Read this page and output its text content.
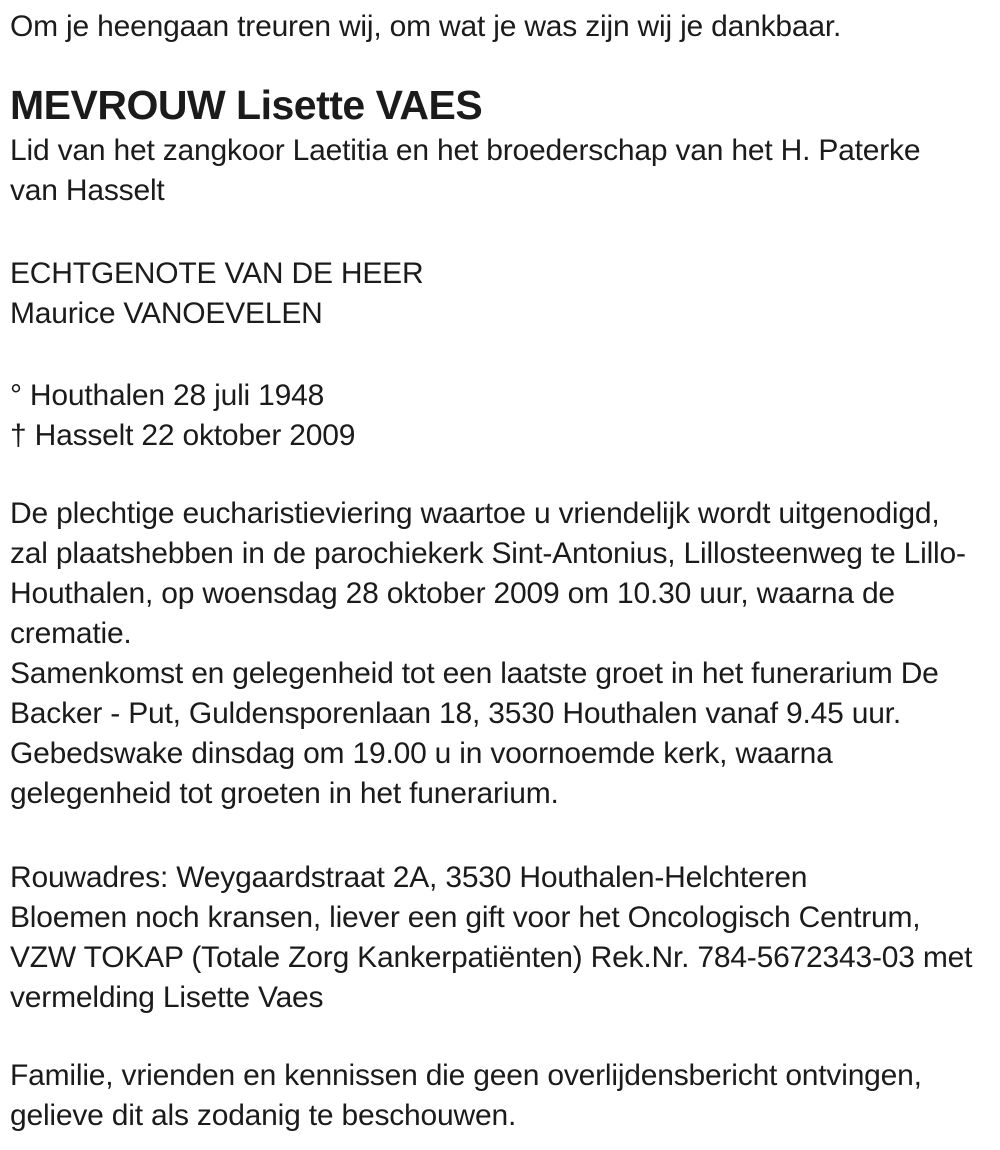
Om je heengaan treuren wij, om wat je was zijn wij je dankbaar.
MEVROUW Lisette VAES
Lid van het zangkoor Laetitia en het broederschap van het H. Paterke
van Hasselt
ECHTGENOTE VAN DE HEER
Maurice VANOEVELEN
° Houthalen 28 juli 1948
† Hasselt 22 oktober 2009
De plechtige eucharistieviering waartoe u vriendelijk wordt uitgenodigd,
zal plaatshebben in de parochiekerk Sint-Antonius, Lillosteenweg te Lillo-
Houthalen, op woensdag 28 oktober 2009 om 10.30 uur, waarna de
crematie.
Samenkomst en gelegenheid tot een laatste groet in het funerarium De
Backer - Put, Guldensporenlaan 18, 3530 Houthalen vanaf 9.45 uur.
Gebedswake dinsdag om 19.00 u in voornoemde kerk, waarna
gelegenheid tot groeten in het funerarium.
Rouwadres: Weygaardstraat 2A, 3530 Houthalen-Helchteren
Bloemen noch kransen, liever een gift voor het Oncologisch Centrum,
VZW TOKAP (Totale Zorg Kankerpatiënten) Rek.Nr. 784-5672343-03 met
vermelding Lisette Vaes
Familie, vrienden en kennissen die geen overlijdensbericht ontvingen,
gelieve dit als zodanig te beschouwen.
